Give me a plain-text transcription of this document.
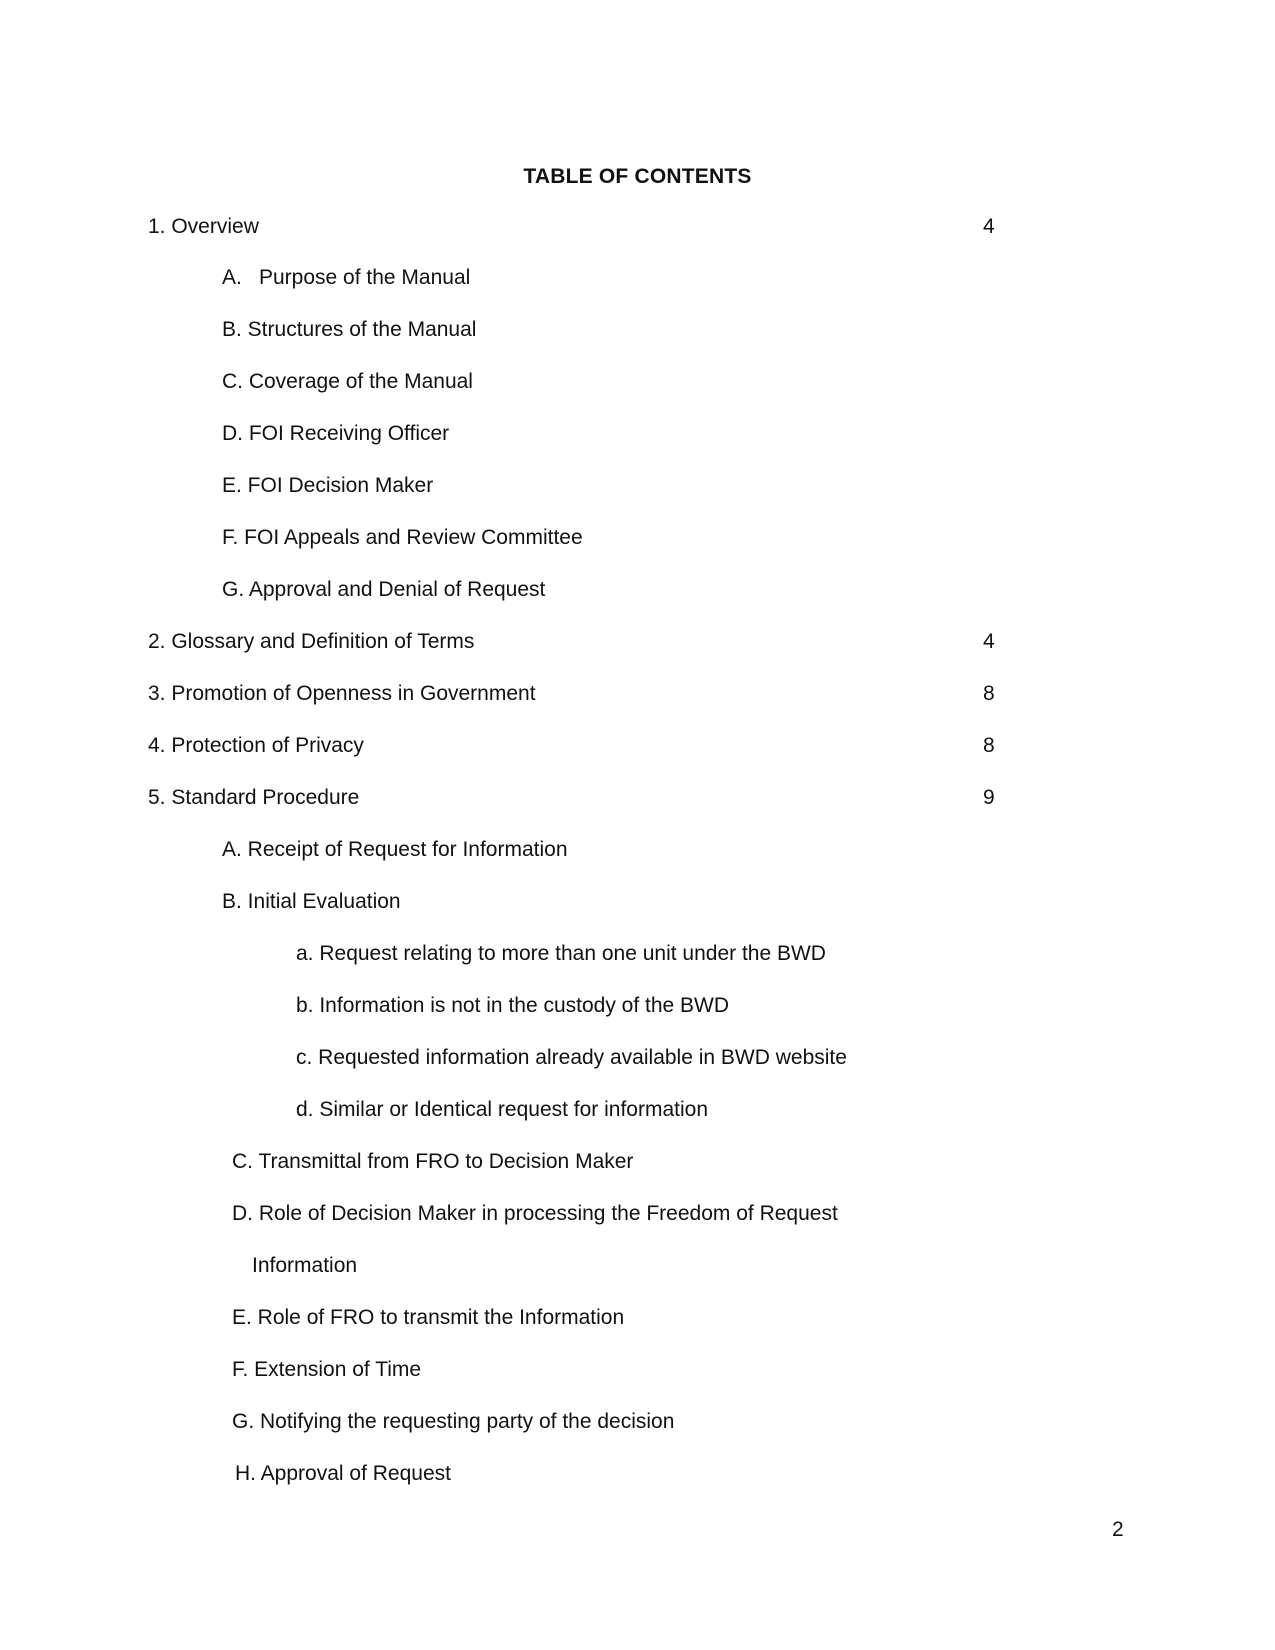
TABLE OF CONTENTS
1. Overview	4
A. Purpose of the Manual
B. Structures of the Manual
C. Coverage of the Manual
D. FOI Receiving Officer
E. FOI Decision Maker
F. FOI Appeals and Review Committee
G. Approval and Denial of Request
2. Glossary and Definition of Terms	4
3. Promotion of Openness in Government	8
4. Protection of Privacy	8
5. Standard Procedure	9
A. Receipt of Request for Information
B. Initial Evaluation
a. Request relating to more than one unit under the BWD
b. Information is not in the custody of the BWD
c. Requested information already available in BWD website
d. Similar or Identical request for information
C. Transmittal from FRO to Decision Maker
D. Role of Decision Maker in processing the Freedom of Request
Information
E. Role of FRO to transmit the Information
F. Extension of Time
G. Notifying the requesting party of the decision
H. Approval of Request
2
